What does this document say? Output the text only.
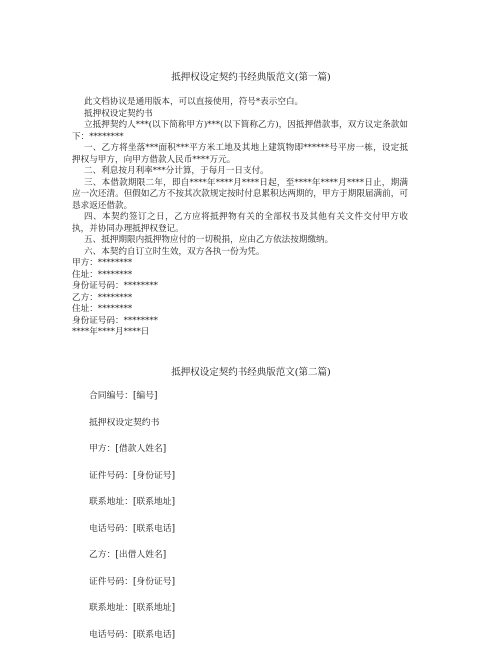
抵押权设定契约书经典版范文(第一篇)

此文档协议是通用版本，可以直接使用，符号*表示空白。

抵押权设定契约书

立抵押契约人***(以下简称甲方)***(以下简称乙方)，因抵押借款事，双方议定条款如下：********

一、乙方将坐落***面积***平方米工地及其地上建筑物即******号平房一栋，设定抵押权与甲方，向甲方借款人民币****万元。

二、利息按月利率***分计算，于每月一日支付。

三、本借款期限二年，即自****年****月****日起，至****年****月****日止，期满应一次还清。但假如乙方不按其次款规定按时付息累积达两期的，甲方于期限届满前，可恳求返还借款。

四、本契约签订之日，乙方应将抵押物有关的全部权书及其他有关文件交付甲方收执，并协同办理抵押权登记。

五、抵押期限内抵押物应付的一切税捐，应由乙方依法按期缴纳。

六、本契约自订立时生效，双方各执一份为凭。

甲方：********

住址：********

身份证号码：********

乙方：********

住址：********

身份证号码：********

****年****月****日

抵押权设定契约书经典版范文(第二篇)

合同编号：[编号]

抵押权设定契约书

甲方：[借款人姓名]

证件号码：[身份证号]

联系地址：[联系地址]

电话号码：[联系电话]

乙方：[出借人姓名]

证件号码：[身份证号]

联系地址：[联系地址]

电话号码：[联系电话]
